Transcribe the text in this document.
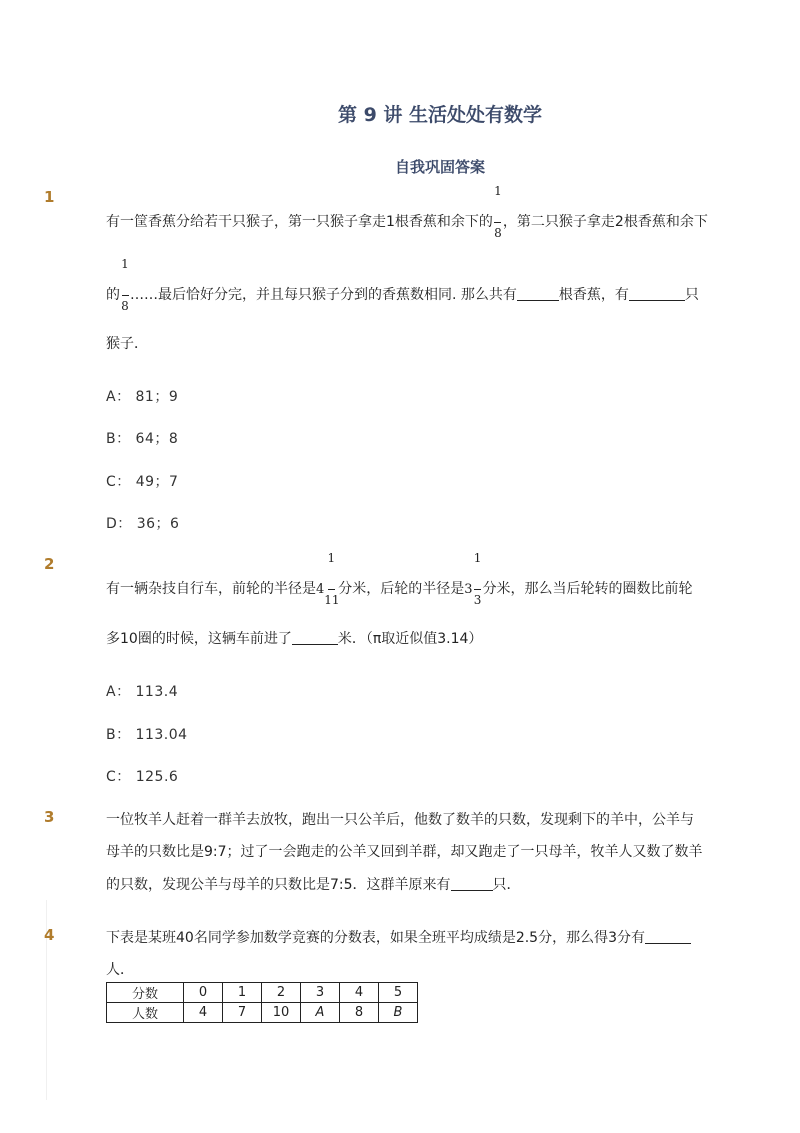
第 9 讲 生活处处有数学
自我巩固答案
1
有一筐香蕉分给若干只猴子，第一只猴子拿走1根香蕉和余下的 $\frac{1}{8}$ ，第二只猴子拿走2根香蕉和余下
的 $\frac{1}{8}$ ……最后恰好分完，并且每只猴子分到的香蕉数相同. 那么共有	根香蕉，有	只
猴子．
A： 81；9
B： 64；8
C： 49；7
D： 36；6
2
有一辆杂技自行车，前轮的半径是$4 \frac{1}{11}$ 分米，后轮的半径是$3 \frac{1}{3}$ 分米，那么当后轮转的圈数比前轮
多10圈的时候，这辆车前进了	米．（π取近似值3.14）
A： 113.4
B： 113.04
C： 125.6
3	一位牧羊人赶着一群羊去放牧，跑出一只公羊后，他数了数羊的只数，发现剩下的羊中，公羊与
母羊的只数比是9:7；过了一会跑走的公羊又回到羊群，却又跑走了一只母羊，牧羊人又数了数羊
的只数，发现公羊与母羊的只数比是7:5．这群羊原来有	只．
4	下表是某班40名同学参加数学竞赛的分数表，如果全班平均成绩是2.5分，那么得3分有
人．
分数	0	1	2	3	4	5
人数	4	7	10	A	8	B
